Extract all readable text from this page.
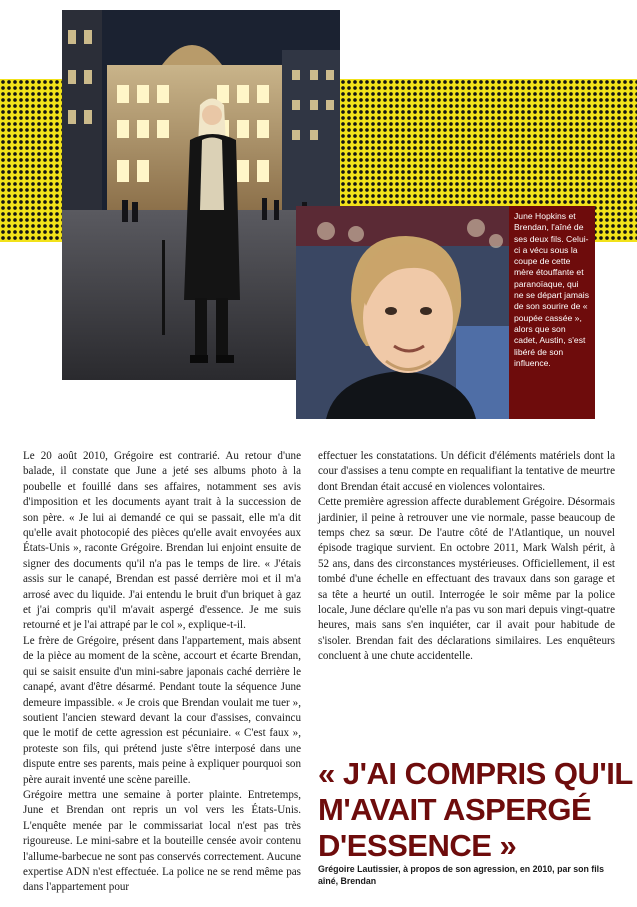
June Hopkins et Brendan, l'aîné de ses deux fils. Celui-ci a vécu sous la coupe de cette mère étouffante et paranoïaque, qui ne se départ jamais de son sourire de « poupée cassée », alors que son cadet, Austin, s'est libéré de son influence.

Le 20 août 2010, Grégoire est contrarié. Au retour d'une balade, il constate que June a jeté ses albums photo à la poubelle et fouillé dans ses affaires, notamment ses avis d'imposition et les documents ayant trait à la succession de son père. « Je lui ai demandé ce qui se passait, elle m'a dit qu'elle avait photocopié des pièces qu'elle avait envoyées aux États-Unis », raconte Grégoire. Brendan lui enjoint ensuite de signer des documents qu'il n'a pas le temps de lire. « J'étais assis sur le canapé, Brendan est passé derrière moi et il m'a arrosé avec du liquide. J'ai entendu le bruit d'un briquet à gaz et j'ai compris qu'il m'avait aspergé d'essence. Je me suis retourné et je l'ai attrapé par le col », explique-t-il.

Le frère de Grégoire, présent dans l'appartement, mais absent de la pièce au moment de la scène, accourt et écarte Brendan, qui se saisit ensuite d'un mini-sabre japonais caché derrière le canapé, avant d'être désarmé. Pendant toute la séquence June demeure impassible. « Je crois que Brendan voulait me tuer », soutient l'ancien steward devant la cour d'assises, convaincu que le motif de cette agression est pécuniaire. « C'est faux », proteste son fils, qui prétend juste s'être interposé dans une dispute entre ses parents, mais peine à expliquer pourquoi son père aurait inventé une scène pareille.

Grégoire mettra une semaine à porter plainte. Entretemps, June et Brendan ont repris un vol vers les États-Unis. L'enquête menée par le commissariat local n'est pas très rigoureuse. Le mini-sabre et la bouteille censée avoir contenu l'allume-barbecue ne sont pas conservés correctement. Aucune expertise ADN n'est effectuée. La police ne se rend même pas dans l'appartement pour

effectuer les constatations. Un déficit d'éléments matériels dont la cour d'assises a tenu compte en requalifiant la tentative de meurtre dont Brendan était accusé en violences volontaires.

Cette première agression affecte durablement Grégoire. Désormais jardinier, il peine à retrouver une vie normale, passe beaucoup de temps chez sa sœur. De l'autre côté de l'Atlantique, un nouvel épisode tragique survient. En octobre 2011, Mark Walsh périt, à 52 ans, dans des circonstances mystérieuses. Officiellement, il est tombé d'une échelle en effectuant des travaux dans son garage et sa tête a heurté un outil. Interrogée le soir même par la police locale, June déclare qu'elle n'a pas vu son mari depuis vingt-quatre heures, mais sans s'en inquiéter, car il avait pour habitude de s'isoler. Brendan fait des déclarations similaires. Les enquêteurs concluent à une chute accidentelle.

« J'AI COMPRIS QU'IL M'AVAIT ASPERGÉ D'ESSENCE »
Grégoire Lautissier, à propos de son agression, en 2010, par son fils aîné, Brendan
